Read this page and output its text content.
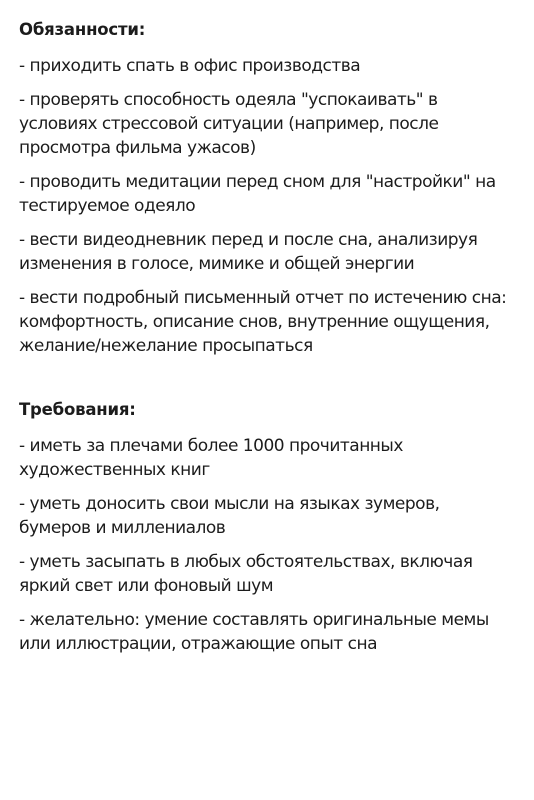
Обязанности:
- приходить спать в офис производства
- проверять способность одеяла "успокаивать" в условиях стрессовой ситуации (например, после просмотра фильма ужасов)
- проводить медитации перед сном для "настройки" на тестируемое одеяло
- вести видеодневник перед и после сна, анализируя изменения в голосе, мимике и общей энергии
- вести подробный письменный отчет по истечению сна: комфортность, описание снов, внутренние ощущения, желание/нежелание просыпаться
Требования:
- иметь за плечами более 1000 прочитанных художественных книг
- уметь доносить свои мысли на языках зумеров, бумеров и миллениалов
- уметь засыпать в любых обстоятельствах, включая яркий свет или фоновый шум
- желательно: умение составлять оригинальные мемы или иллюстрации, отражающие опыт сна
